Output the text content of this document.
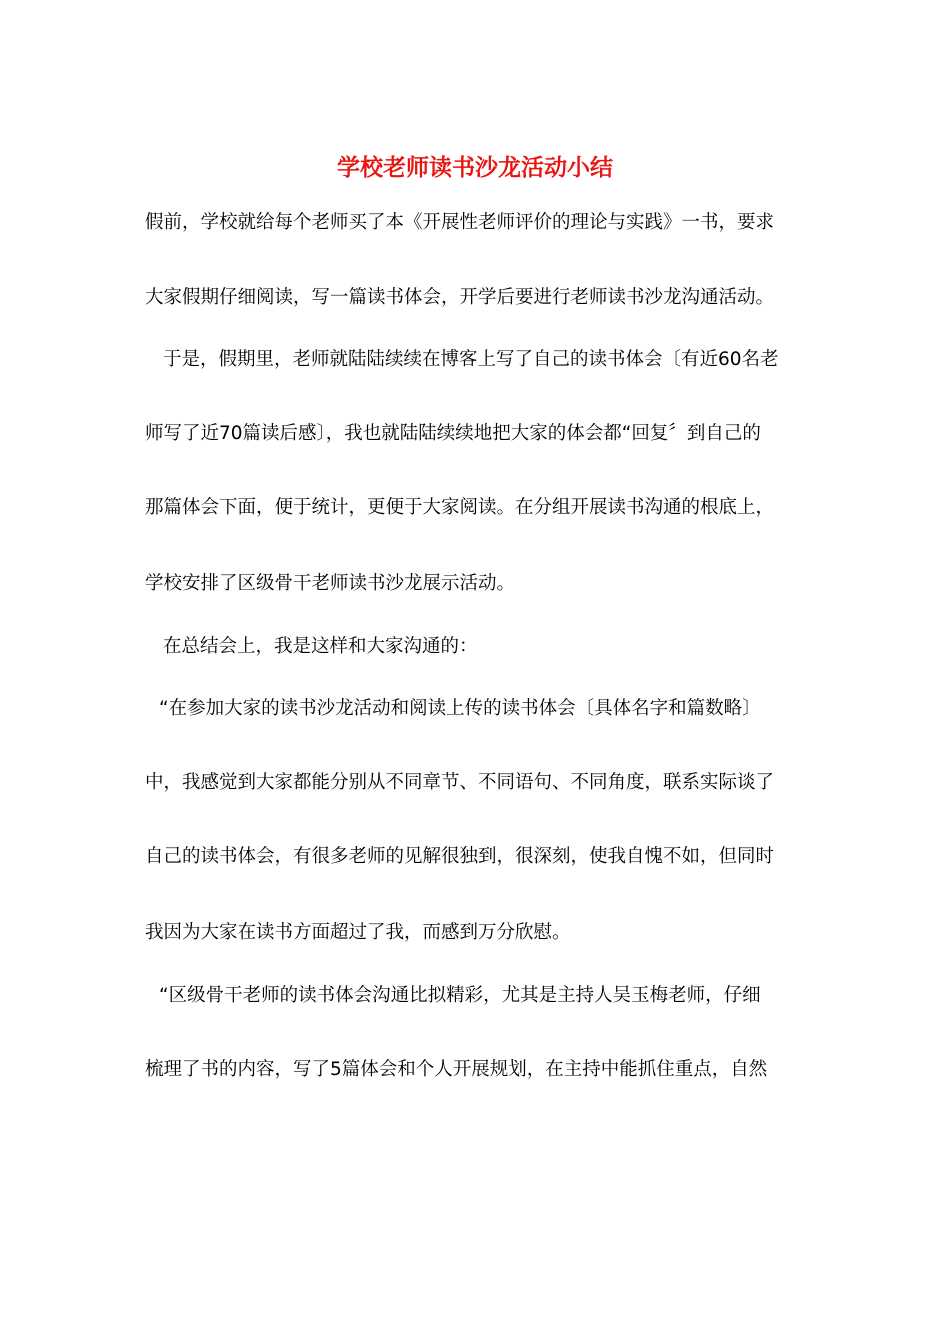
学校老师读书沙龙活动小结

假前，学校就给每个老师买了本《开展性老师评价的理论与实践》一书，要求

大家假期仔细阅读，写一篇读书体会，开学后要进行老师读书沙龙沟通活动。

于是，假期里，老师就陆陆续续在博客上写了自己的读书体会〔有近60名老

师写了近70篇读后感〕，我也就陆陆续续地把大家的体会都“回复〞到自己的

那篇体会下面，便于统计，更便于大家阅读。在分组开展读书沟通的根底上，

学校安排了区级骨干老师读书沙龙展示活动。

在总结会上，我是这样和大家沟通的：

“在参加大家的读书沙龙活动和阅读上传的读书体会〔具体名字和篇数略〕

中，我感觉到大家都能分别从不同章节、不同语句、不同角度，联系实际谈了

自己的读书体会，有很多老师的见解很独到，很深刻，使我自愧不如，但同时

我因为大家在读书方面超过了我，而感到万分欣慰。

“区级骨干老师的读书体会沟通比拟精彩，尤其是主持人吴玉梅老师，仔细

梳理了书的内容，写了5篇体会和个人开展规划，在主持中能抓住重点，自然
